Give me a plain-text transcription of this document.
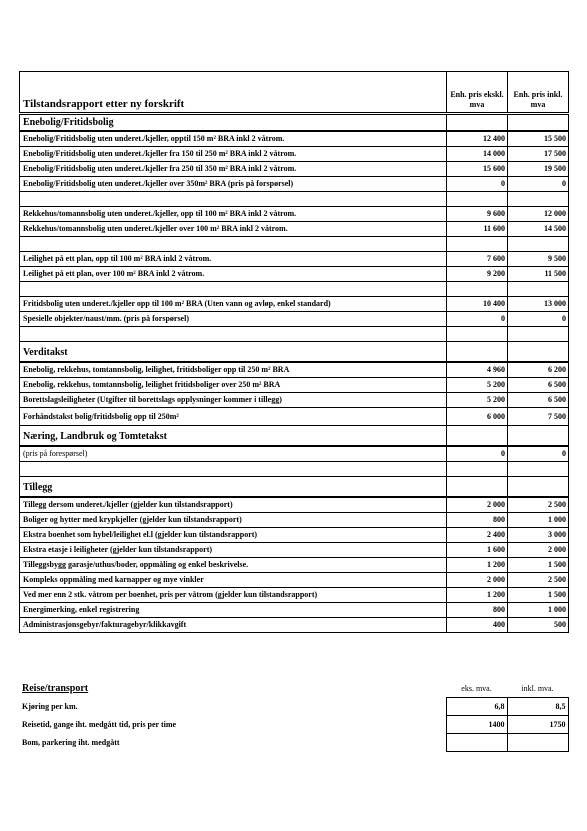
Tilstandsrapport etter ny forskrift	Enh. pris ekskl. mva	Enh. pris inkl. mva
Enebolig/Fritidsbolig		
Enebolig/Fritidsbolig uten underet./kjeller, opptil 150 m² BRA inkl 2 våtrom.	12 400	15 500
Enebolig/Fritidsbolig uten underet./kjeller fra 150 til 250 m² BRA inkl 2 våtrom.	14 000	17 500
Enebolig/Fritidsbolig uten underet./kjeller fra 250 til 350 m² BRA inkl 2 våtrom.	15 600	19 500
Enebolig/Fritidsbolig uten underet./kjeller over 350m² BRA (pris på forspørsel)	0	0

Rekkehus/tomannsbolig uten underet./kjeller, opp til 100 m² BRA inkl 2 våtrom.	9 600	12 000
Rekkehus/tomannsbolig uten underet./kjeller over 100 m² BRA inkl 2 våtrom.	11 600	14 500

Leilighet på ett plan, opp til 100 m² BRA inkl 2 våtrom.	7 600	9 500
Leilighet på ett plan, over 100 m² BRA inkl 2 våtrom.	9 200	11 500

Fritidsbolig uten underet./kjeller opp til 100 m² BRA (Uten vann og avløp, enkel standard)	10 400	13 000
Spesielle objekter/naust/mm. (pris på forspørsel)	0	0

Verditakst		
Enebolig, rekkehus, tomtannsbolig, leilighet, fritidsboliger opp til 250 m² BRA	4 960	6 200
Enebolig, rekkehus, tomtannsbolig, leilighet fritidsboliger over 250 m² BRA	5 200	6 500
Borettslagsleiligheter (Utgifter til borettslags opplysninger kommer i tillegg)	5 200	6 500
Forhåndstakst bolig/fritidsbolig opp til 250m²	6 000	7 500
Næring, Landbruk og Tomtetakst		
(pris på forespørsel)	0	0

Tillegg		
Tillegg dersom underet./kjeller (gjelder kun tilstandsrapport)	2 000	2 500
Boliger og hytter med krypkjeller (gjelder kun tilstandsrapport)	800	1 000
Ekstra boenhet som hybel/leilighet el.l (gjelder kun tilstandsrapport)	2 400	3 000
Ekstra etasje i leiligheter (gjelder kun tilstandsrapport)	1 600	2 000
Tilleggsbygg garasje/uthus/boder, oppmåling og enkel beskrivelse.	1 200	1 500
Kompleks oppmåling med karnapper og mye vinkler	2 000	2 500
Ved mer enn 2 stk. våtrom per boenhet, pris per våtrom (gjelder kun tilstandsrapport)	1 200	1 500
Energimerking, enkel registrering	800	1 000
Administrasjonsgebyr/fakturagebyr/klikkavgift	400	500
Reise/transport	eks. mva.	inkl. mva.
Kjøring per km.	6,8	8,5
Reisetid, gange iht. medgått tid, pris per time	1400	1750
Bom, parkering iht. medgått		
